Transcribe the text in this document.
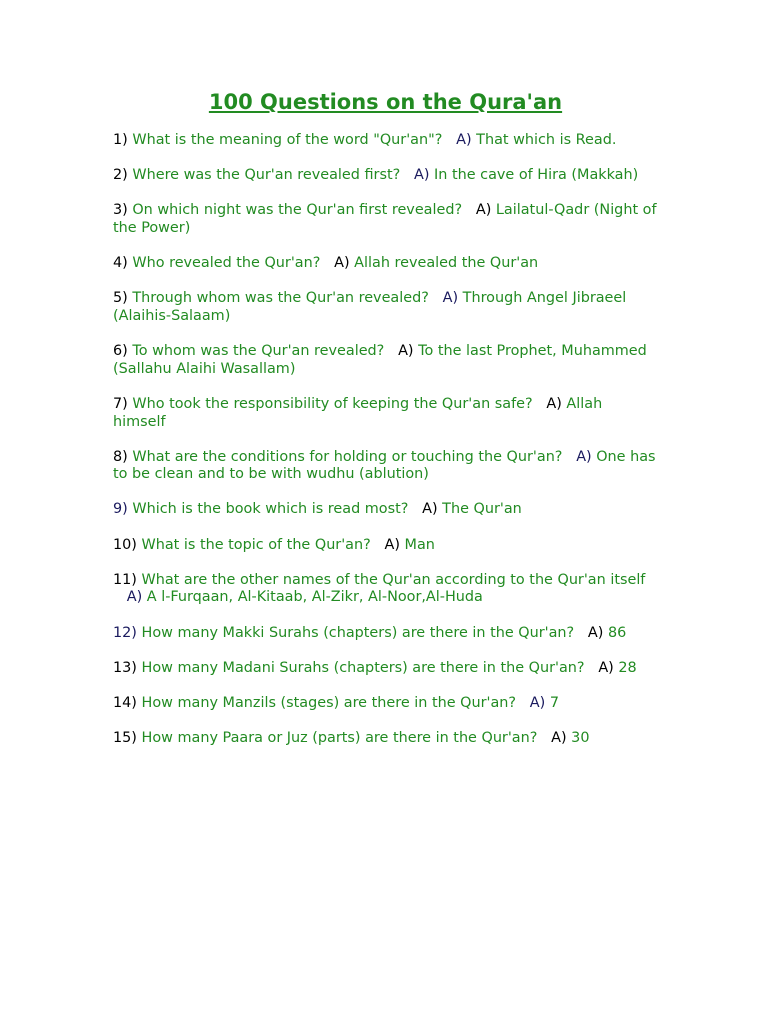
100 Questions on the Qura'an
1) What is the meaning of the word "Qur'an"? A) That which is Read.
2) Where was the Qur'an revealed first? A) In the cave of Hira (Makkah)
3) On which night was the Qur'an first revealed? A) Lailatul-Qadr (Night of the Power)
4) Who revealed the Qur'an? A) Allah revealed the Qur'an
5) Through whom was the Qur'an revealed? A) Through Angel Jibraeel (Alaihis-Salaam)
6) To whom was the Qur'an revealed? A) To the last Prophet, Muhammed (Sallahu Alaihi Wasallam)
7) Who took the responsibility of keeping the Qur'an safe? A) Allah himself
8) What are the conditions for holding or touching the Qur'an? A) One has to be clean and to be with wudhu (ablution)
9) Which is the book which is read most? A) The Qur'an
10) What is the topic of the Qur'an? A) Man
11) What are the other names of the Qur'an according to the Qur'an itself   A) A l-Furqaan, Al-Kitaab, Al-Zikr, Al-Noor,Al-Huda
12) How many Makki Surahs (chapters) are there in the Qur'an? A) 86
13) How many Madani Surahs (chapters) are there in the Qur'an? A) 28
14) How many Manzils (stages) are there in the Qur'an? A) 7
15) How many Paara or Juz (parts) are there in the Qur'an? A) 30
